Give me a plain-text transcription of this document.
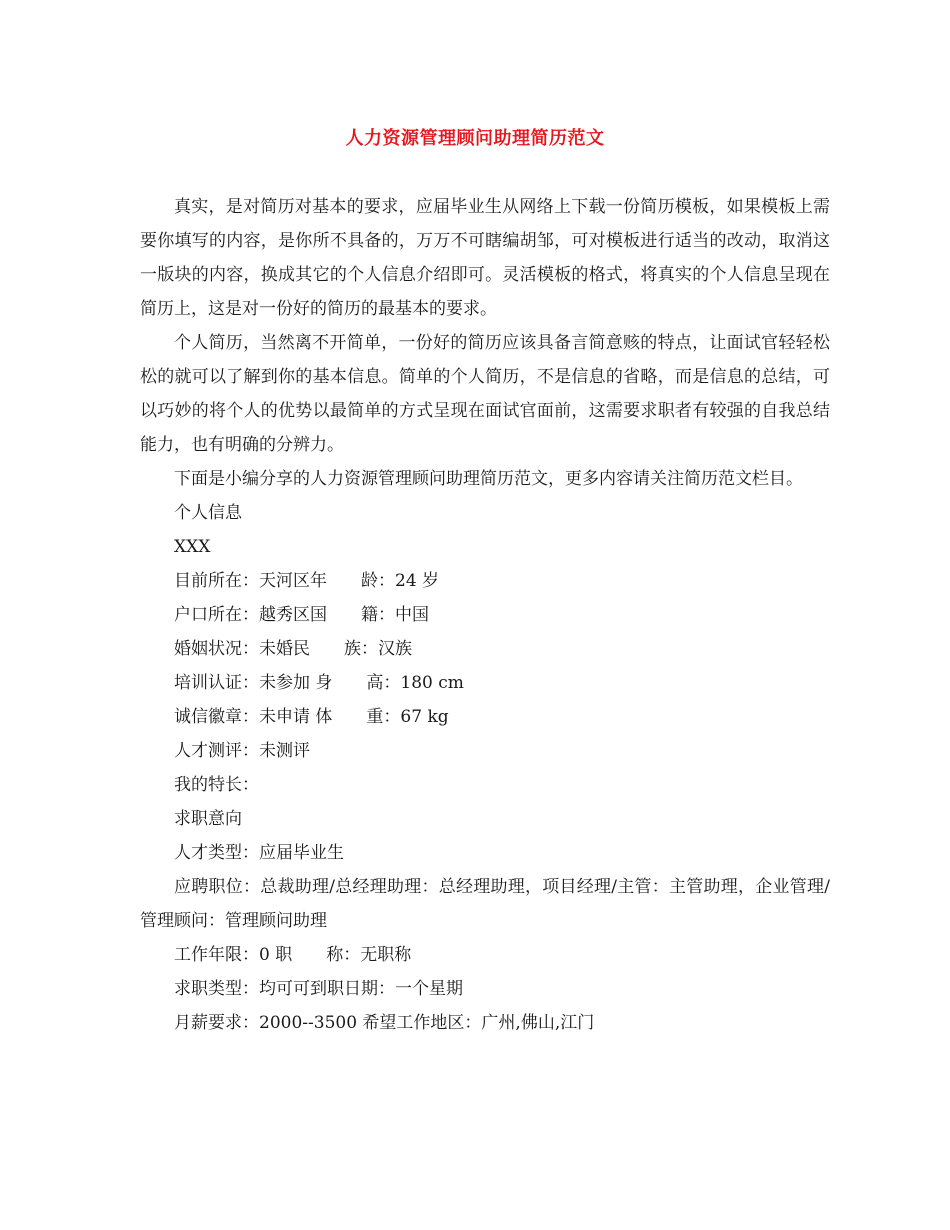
人力资源管理顾问助理简历范文

真实，是对简历对基本的要求，应届毕业生从网络上下载一份简历模板，如果模板上需要你填写的内容，是你所不具备的，万万不可瞎编胡邹，可对模板进行适当的改动，取消这一版块的内容，换成其它的个人信息介绍即可。灵活模板的格式，将真实的个人信息呈现在简历上，这是对一份好的简历的最基本的要求。

个人简历，当然离不开简单，一份好的简历应该具备言简意赅的特点，让面试官轻轻松松的就可以了解到你的基本信息。简单的个人简历，不是信息的省略，而是信息的总结，可以巧妙的将个人的优势以最简单的方式呈现在面试官面前，这需要求职者有较强的自我总结能力，也有明确的分辨力。

下面是小编分享的人力资源管理顾问助理简历范文，更多内容请关注简历范文栏目。

个人信息
XXX
目前所在：天河区年　　龄：24 岁
户口所在：越秀区国　　籍：中国
婚姻状况：未婚民　　族：汉族
培训认证：未参加 身　　高：180 cm
诚信徽章：未申请 体　　重：67 kg
人才测评：未测评
我的特长：
求职意向
人才类型：应届毕业生

应聘职位：总裁助理/总经理助理：总经理助理，项目经理/主管：主管助理，企业管理/管理顾问：管理顾问助理

工作年限：0 职　　称：无职称
求职类型：均可可到职日期：一个星期
月薪要求：2000--3500 希望工作地区：广州,佛山,江门
